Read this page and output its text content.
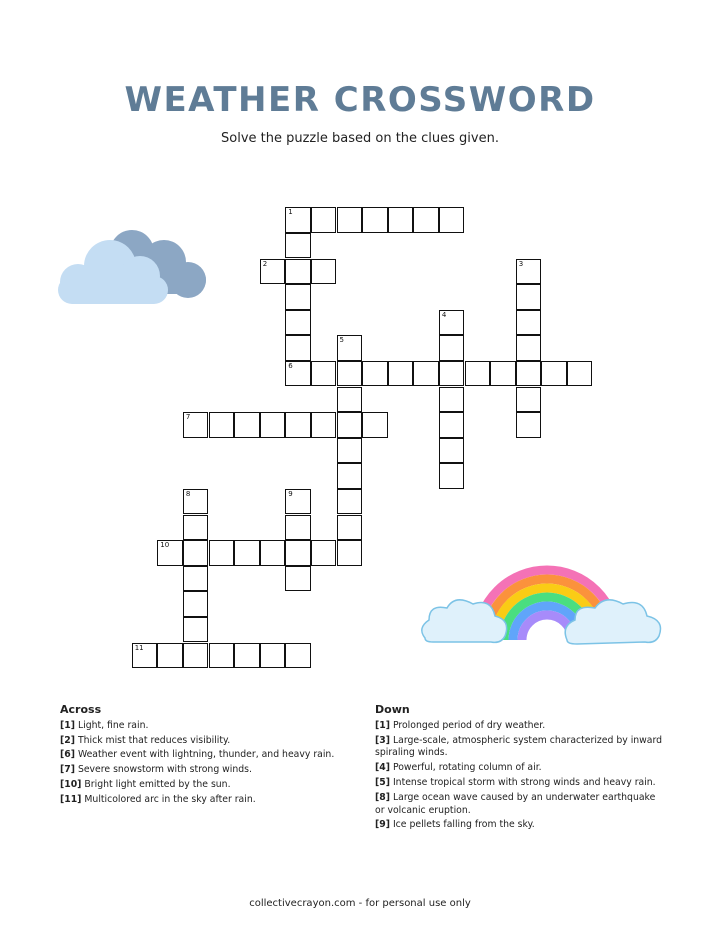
WEATHER CROSSWORD
Solve the puzzle based on the clues given.
1
6
2	3
4
5
7
8	9
10
11
Across
[1] Light, fine rain.
[2] Thick mist that reduces visibility.
[6] Weather event with lightning, thunder, and heavy rain.
[7] Severe snowstorm with strong winds.
[10] Bright light emitted by the sun.
[11] Multicolored arc in the sky after rain.
Down
[1] Prolonged period of dry weather.
[3] Large-scale, atmospheric system characterized by inward spiraling winds.
[4] Powerful, rotating column of air.
[5] Intense tropical storm with strong winds and heavy rain.
[8] Large ocean wave caused by an underwater earthquake or volcanic eruption.
[9] Ice pellets falling from the sky.
collectivecrayon.com - for personal use only
